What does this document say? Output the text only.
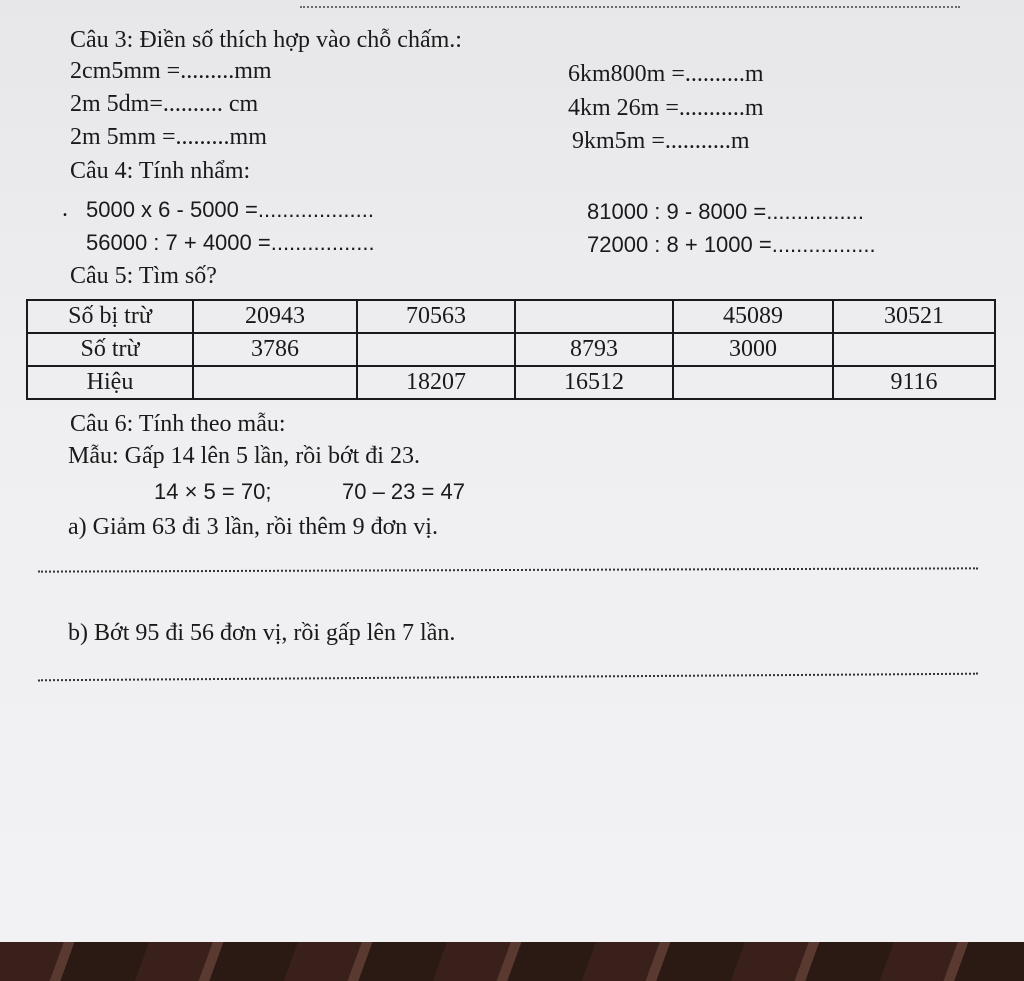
Câu 3: Điền số thích hợp vào chỗ chấm.:
2cm5mm =.........mm
2m 5dm=.......... cm
2m 5mm =.........mm
6km800m =..........m
4km 26m =...........m
9km5m =...........m
Câu 4: Tính nhẩm:
. 5000 x 6 - 5000 =...................
56000 : 7 + 4000 =.................
81000 : 9 - 8000 =................
72000 : 8 + 1000 =.................
Câu 5: Tìm số?
Số bị trừ	20943	70563		45089	30521
Số trừ	3786		8793	3000	
Hiệu		18207	16512		9116
Câu 6: Tính theo mẫu:
Mẫu: Gấp 14 lên 5 lần, rồi bớt đi 23.
14 × 5 = 70;	70 – 23 = 47
a) Giảm 63 đi 3 lần, rồi thêm 9 đơn vị.
b) Bớt 95 đi 56 đơn vị, rồi gấp lên 7 lần.
